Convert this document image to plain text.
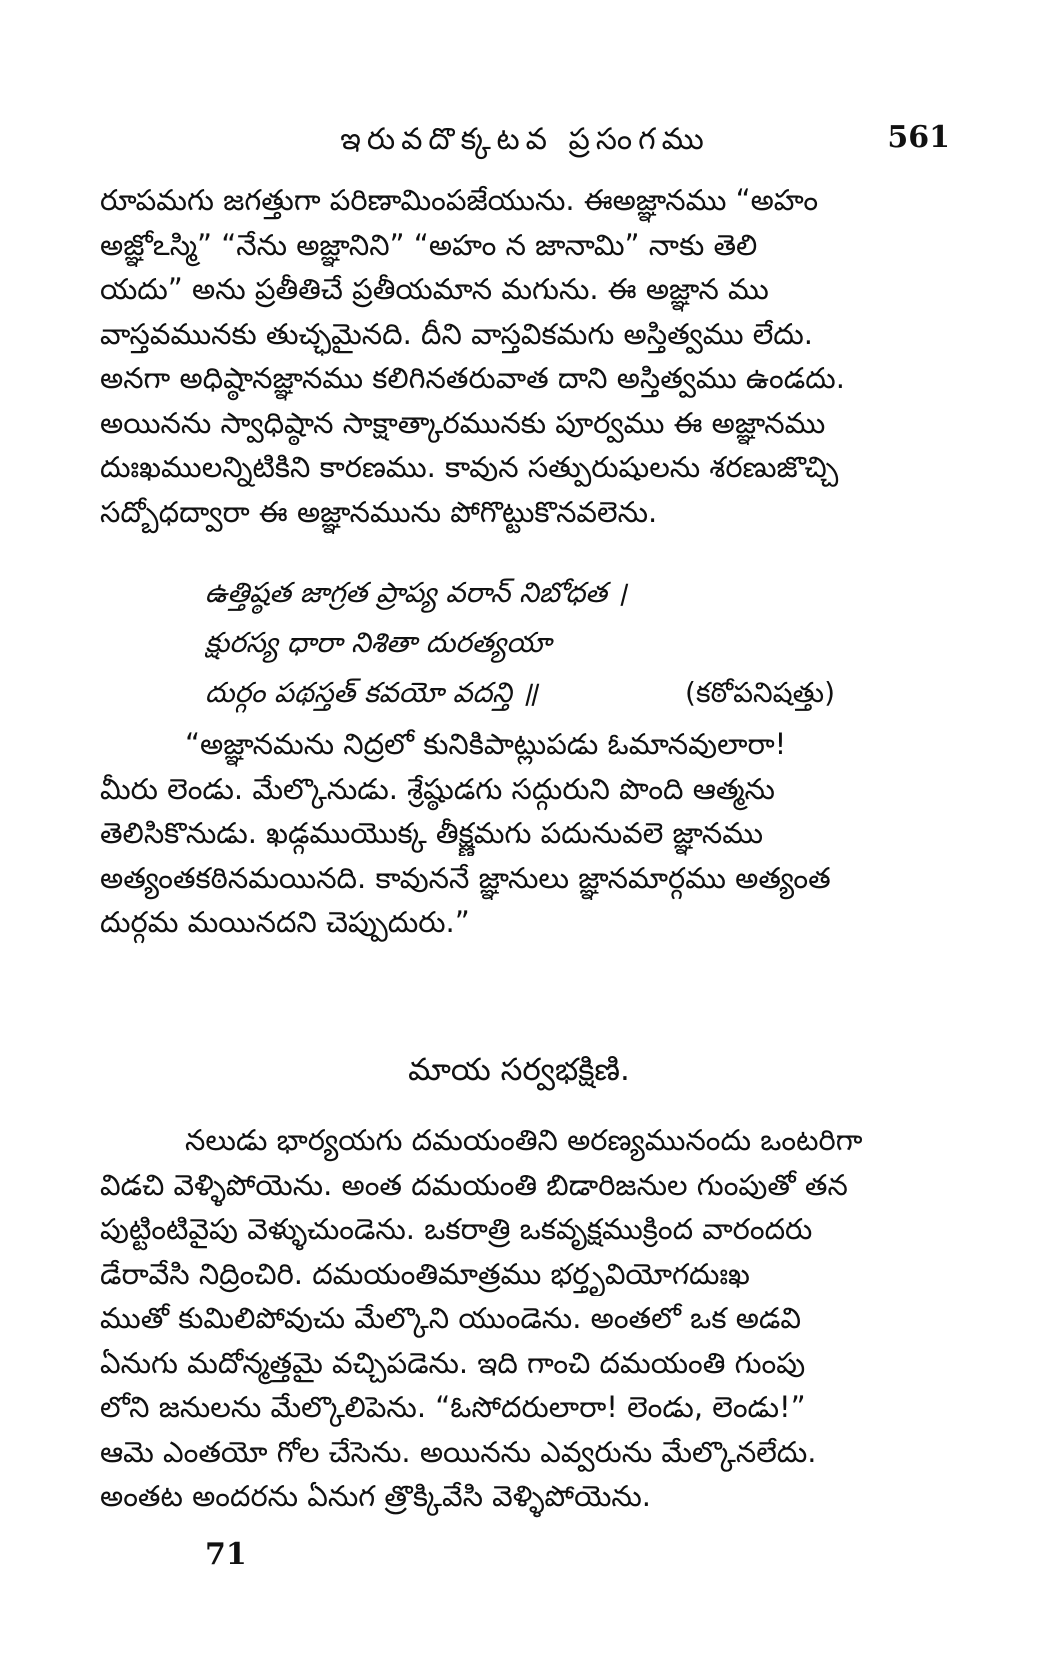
ఇరువదొక్కటవ ప్రసంగము	561

రూపమగు జగత్తుగా పరిణామింపజేయును. ఈఅజ్ఞానము “అహం
అజ్ఞోఽస్మి” “నేను అజ్ఞానిని” “అహం న జానామి” నాకు తెలి
యదు” అను ప్రతీతిచే ప్రతీయమాన మగును. ఈ అజ్ఞాన ము
వాస్తవమునకు తుచ్ఛమైనది. దీని వాస్తవికమగు అస్తిత్వము లేదు.
అనగా అధిష్ఠానజ్ఞానము కలిగినతరువాత దాని అస్తిత్వము ఉండదు.
అయినను స్వాధిష్ఠాన సాక్షాత్కారమునకు పూర్వము ఈ అజ్ఞానము
దుఃఖములన్నిటికిని కారణము. కావున సత్పురుషులను శరణుజొచ్చి
సద్బోధద్వారా ఈ అజ్ఞానమును పోగొట్టుకొనవలెను.

ఉత్తిష్ఠత జాగ్రత ప్రాప్య వరాన్ నిబోధత ।
క్షురస్య ధారా నిశితా దురత్యయా
దుర్గం పథస్తత్ కవయో వదన్తి ॥	(కఠోపనిషత్తు)

“అజ్ఞానమను నిద్రలో కునికిపాట్లుపడు ఓమానవులారా!
మీరు లెండు. మేల్కొనుడు. శ్రేష్ఠుడగు సద్గురుని పొంది ఆత్మను
తెలిసికొనుడు. ఖడ్గముయొక్క తీక్ష్ణమగు పదునువలె జ్ఞానము
అత్యంతకఠినమయినది. కావుననే జ్ఞానులు జ్ఞానమార్గము అత్యంత
దుర్గమ మయినదని చెప్పుదురు.”

మాయ సర్వభక్షిణి.

నలుడు భార్యయగు దమయంతిని అరణ్యమునందు ఒంటరిగా
విడచి వెళ్ళిపోయెను. అంత దమయంతి బిడారిజనుల గుంపుతో తన
పుట్టింటివైపు వెళ్ళుచుండెను. ఒకరాత్రి ఒకవృక్షముక్రింద వారందరు
డేరావేసి నిద్రించిరి. దమయంతిమాత్రము భర్తృవియోగదుఃఖ
ముతో కుమిలిపోవుచు మేల్కొని యుండెను. అంతలో ఒక అడవి
ఏనుగు మదోన్మత్తమై వచ్చిపడెను. ఇది గాంచి దమయంతి గుంపు
లోని జనులను మేల్కొలిపెను. “ఓసోదరులారా! లెండు, లెండు!”
ఆమె ఎంతయో గోల చేసెను. అయినను ఎవ్వరును మేల్కొనలేదు.
అంతట అందరను ఏనుగ త్రొక్కివేసి వెళ్ళిపోయెను.

71
